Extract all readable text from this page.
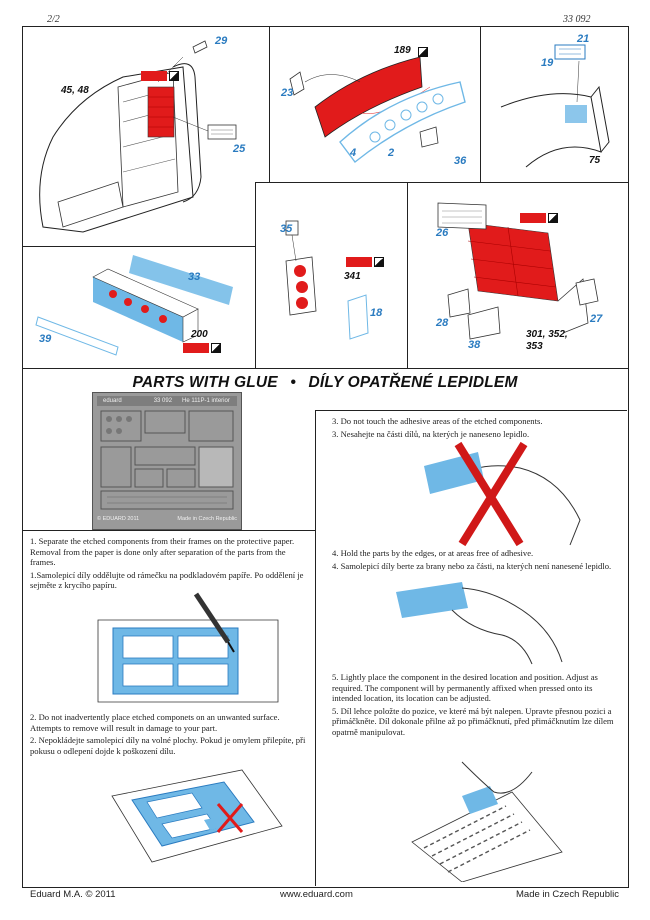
2/2	33 092
45, 48
29
25
189
23
4	2
36
21
19
75
33
39	200
35
341
18
26
28
38
27
301, 352,
353
PARTS WITH GLUE • DÍLY OPATŘENÉ LEPIDLEM
eduard	33 092 He 111P-1 interior
© EDUARD 2011	Made in Czech Republic

1. Separate the etched components from their frames on the protective paper. Removal from the paper is done only after separation of the parts from the frames.

1.Samolepicí díly oddělujte od rámečku na podkladovém papíře. Po oddělení je sejměte z krycího papíru.

2. Do not inadvertently place etched componets on an unwanted surface. Attempts to remove will result in damage to your part.

2. Nepokládejte samolepicí díly na volné plochy. Pokud je omylem přilepíte, při pokusu o odlepení dojde k poškození dílu.

3. Do not touch the adhesive areas of the etched components.

3. Nesahejte na části dílů, na kterých je naneseno lepidlo.

4. Hold the parts by the edges, or at areas free of adhesive.

4. Samolepicí díly berte za brany nebo za části, na kterých není nanesené lepidlo.

5. Lightly place the component in the desired location and position. Adjust as required. The component will by permanently affixed when pressed onto its intended location, its location can be adjusted.

5. Díl lehce položte do pozice, ve které má být nalepen. Upravte přesnou pozici a přimáčkněte. Díl dokonale přilne až po přimáčknutí, před přimáčknutím lze dílem opatrně manipulovat.

Eduard M.A. © 2011	www.eduard.com	Made in Czech Republic
